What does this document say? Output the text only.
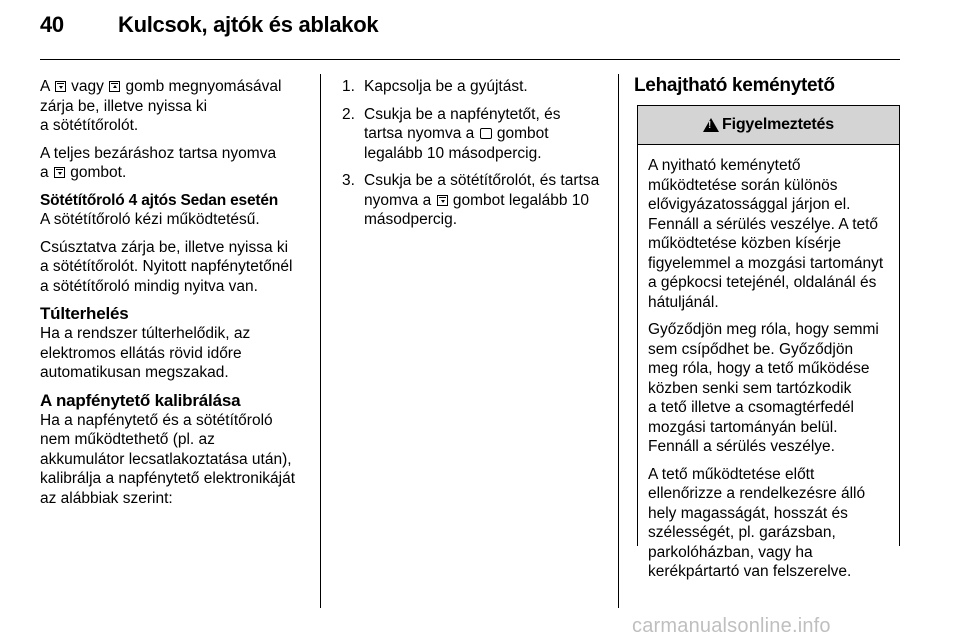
40 Kulcsok, ajtók és ablakok

A  vagy  gomb megnyomásával
zárja be, illetve nyissa ki
a sötétítőrolót.

A teljes bezáráshoz tartsa nyomva
a  gombot.

Sötétítőroló 4 ajtós Sedan esetén

A sötétítőroló kézi működtetésű.

Csúsztatva zárja be, illetve nyissa ki
a sötétítőrolót. Nyitott napfénytetőnél
a sötétítőroló mindig nyitva van.

Túlterhelés

Ha a rendszer túlterhelődik, az
elektromos ellátás rövid időre
automatikusan megszakad.

A napfénytető kalibrálása

Ha a napfénytető és a sötétítőroló
nem működtethető (pl. az
akkumulátor lecsatlakoztatása után),
kalibrálja a napfénytető elektronikáját
az alábbiak szerint:

1. Kapcsolja be a gyújtást.
2. Csukja be a napfénytetőt, és
tartsa nyomva a  gombot
legalább 10 másodpercig.
3. Csukja be a sötétítőrolót, és tartsa
nyomva a  gombot legalább 10
másodpercig.
Lehajtható keménytető
!
Figyelmeztetés

A nyitható keménytető
működtetése során különös
elővigyázatossággal járjon el.
Fennáll a sérülés veszélye. A tető
működtetése közben kísérje
figyelemmel a mozgási tartományt
a gépkocsi tetejénél, oldalánál és
hátuljánál.

Győződjön meg róla, hogy semmi
sem csípődhet be. Győződjön
meg róla, hogy a tető működése
közben senki sem tartózkodik
a tető illetve a csomagtérfedél
mozgási tartományán belül.
Fennáll a sérülés veszélye.

A tető működtetése előtt
ellenőrizze a rendelkezésre álló
hely magasságát, hosszát és
szélességét, pl. garázsban,
parkolóházban, vagy ha
kerékpártartó van felszerelve.

carmanualsonline.info
